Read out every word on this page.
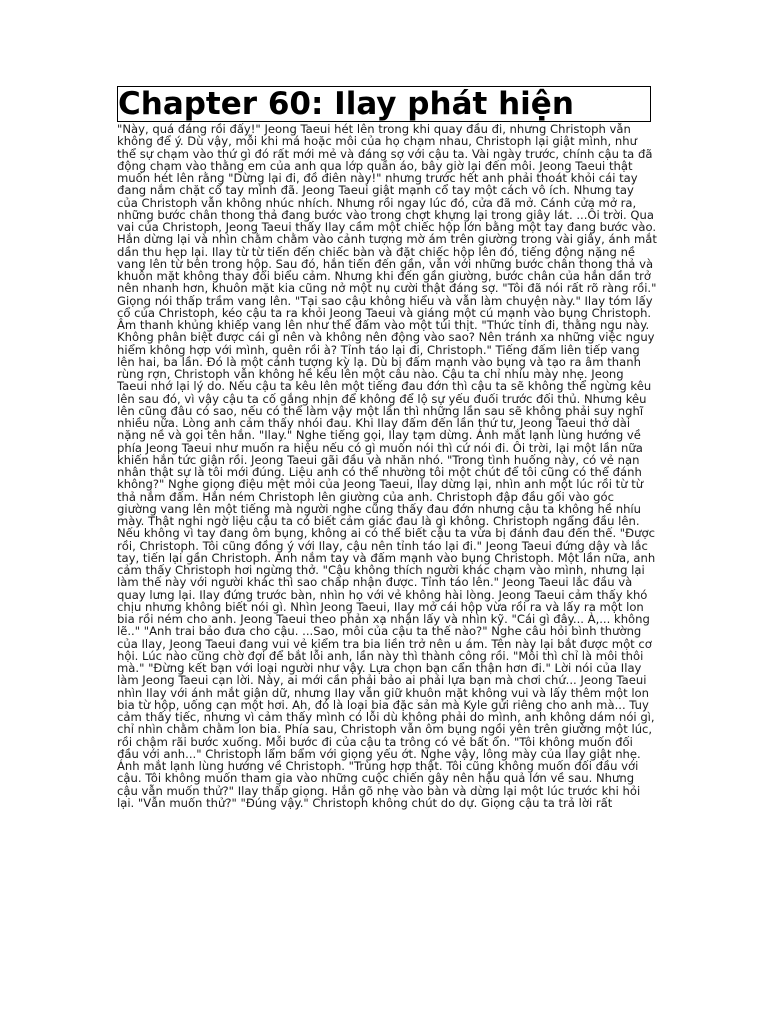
Chapter 60: Ilay phát hiện

"Này, quá đáng rồi đấy!" Jeong Taeui hét lên trong khi quay đầu đi, nhưng Christoph vẫn không để ý. Dù vậy, mỗi khi má hoặc môi của họ chạm nhau, Christoph lại giật mình, như thể sự chạm vào thứ gì đó rất mới mẻ và đáng sợ với cậu ta. Vài ngày trước, chính cậu ta đã động chạm vào thằng em của anh qua lớp quần áo, bây giờ lại đến môi. Jeong Taeui thật muốn hét lên rằng "Dừng lại đi, đồ điên này!" nhưng trước hết anh phải thoát khỏi cái tay đang nắm chặt cổ tay mình đã. Jeong Taeui giật mạnh cổ tay một cách vô ích. Nhưng tay của Christoph vẫn không nhúc nhích. Nhưng rồi ngay lúc đó, cửa đã mở. Cánh cửa mở ra, những bước chân thong thả đang bước vào trong chợt khựng lại trong giây lát. ...Ôi trời. Qua vai của Christoph, Jeong Taeui thấy Ilay cầm một chiếc hộp lớn bằng một tay đang bước vào. Hắn dừng lại và nhìn chằm chằm vào cảnh tượng mờ ám trên giường trong vài giây, ánh mắt dần thu hẹp lại. Ilay từ từ tiến đến chiếc bàn và đặt chiếc hộp lên đó, tiếng động nặng nề vang lên từ bên trong hộp. Sau đó, hắn tiến đến gần, vẫn với những bước chân thong thả và khuôn mặt không thay đổi biểu cảm. Nhưng khi đến gần giường, bước chân của hắn dần trở nên nhanh hơn, khuôn mặt kia cũng nở một nụ cười thật đáng sợ. "Tôi đã nói rất rõ ràng rồi." Giọng nói thấp trầm vang lên. "Tại sao cậu không hiểu và vẫn làm chuyện này." Ilay tóm lấy cổ của Christoph, kéo cậu ta ra khỏi Jeong Taeui và giáng một cú mạnh vào bụng Christoph. Âm thanh khủng khiếp vang lên như thể đấm vào một túi thịt. "Thức tỉnh đi, thằng ngu này. Không phân biệt được cái gì nên và không nên động vào sao? Nên tránh xa những việc nguy hiểm không hợp với mình, quên rồi à? Tỉnh táo lại đi, Christoph." Tiếng đấm liên tiếp vang lên hai, ba lần. Đó là một cảnh tượng kỳ lạ. Dù bị đấm mạnh vào bụng và tạo ra âm thanh rùng rợn, Christoph vẫn không hề kêu lên một câu nào. Cậu ta chỉ nhíu mày nhẹ. Jeong Taeui nhớ lại lý do. Nếu cậu ta kêu lên một tiếng đau đớn thì cậu ta sẽ không thể ngừng kêu lên sau đó, vì vậy cậu ta cố gắng nhịn để không để lộ sự yếu đuối trước đối thủ. Nhưng kêu lên cũng đâu có sao, nếu có thể làm vậy một lần thì những lần sau sẽ không phải suy nghĩ nhiều nữa. Lòng anh cảm thấy nhói đau. Khi Ilay đấm đến lần thứ tư, Jeong Taeui thở dài nặng nề và gọi tên hắn. "Ilay." Nghe tiếng gọi, Ilay tạm dừng. Ánh mắt lạnh lùng hướng về phía Jeong Taeui như muốn ra hiệu nếu có gì muốn nói thì cứ nói đi. Ôi trời, lại một lần nữa khiến hắn tức giận rồi. Jeong Taeui gãi đầu và nhăn nhó. "Trong tình huống này, có vẻ nạn nhân thật sự là tôi mới đúng. Liệu anh có thể nhường tôi một chút để tôi cũng có thể đánh không?" Nghe giọng điệu mệt mỏi của Jeong Taeui, Ilay dừng lại, nhìn anh một lúc rồi từ từ thả nắm đấm. Hắn ném Christoph lên giường của anh. Christoph đập đầu gối vào góc giường vang lên một tiếng mà người nghe cũng thấy đau đớn nhưng cậu ta không hề nhíu mày. Thật nghi ngờ liệu cậu ta có biết cảm giác đau là gì không. Christoph ngẩng đầu lên. Nếu không vì tay đang ôm bụng, không ai có thể biết cậu ta vừa bị đánh đau đến thế. "Được rồi, Christoph. Tôi cũng đồng ý với Ilay, cậu nên tỉnh táo lại đi." Jeong Taeui đứng dậy và lắc tay, tiến lại gần Christoph. Anh nắm tay và đấm mạnh vào bụng Christoph. Một lần nữa, anh cảm thấy Christoph hơi ngừng thở. "Cậu không thích người khác chạm vào mình, nhưng lại làm thế này với người khác thì sao chấp nhận được. Tỉnh táo lên." Jeong Taeui lắc đầu và quay lưng lại. Ilay đứng trước bàn, nhìn họ với vẻ không hài lòng. Jeong Taeui cảm thấy khó chịu nhưng không biết nói gì. Nhìn Jeong Taeui, Ilay mở cái hộp vừa rồi ra và lấy ra một lon bia rồi ném cho anh. Jeong Taeui theo phản xạ nhận lấy và nhìn kỹ. "Cái gì đây... À,... không lẽ.." "Anh trai bảo đưa cho cậu. ...Sao, môi của cậu ta thế nào?" Nghe câu hỏi bình thường của Ilay, Jeong Taeui đang vui vẻ kiểm tra bia liền trở nên u ám. Tên này lại bắt được một cơ hội. Lúc nào cũng chờ đợi để bắt lỗi anh, lần này thì thành công rồi. "Môi thì chỉ là môi thôi mà." "Đừng kết bạn với loại người như vậy. Lựa chọn bạn cẩn thận hơn đi." Lời nói của Ilay làm Jeong Taeui cạn lời. Này, ai mới cần phải bảo ai phải lựa bạn mà chơi chứ... Jeong Taeui nhìn Ilay với ánh mắt giận dữ, nhưng Ilay vẫn giữ khuôn mặt không vui và lấy thêm một lon bia từ hộp, uống cạn một hơi. Ah, đó là loại bia đặc sản mà Kyle gửi riêng cho anh mà... Tuy cảm thấy tiếc, nhưng vì cảm thấy mình có lỗi dù không phải do mình, anh không dám nói gì, chỉ nhìn chằm chằm lon bia. Phía sau, Christoph vẫn ôm bụng ngồi yên trên giường một lúc, rồi chậm rãi bước xuống. Mỗi bước đi của cậu ta trông có vẻ bất ổn. "Tôi không muốn đối đầu với anh..." Christoph lẩm bẩm với giọng yếu ớt. Nghe vậy, lông mày của Ilay giật nhẹ. Ánh mắt lạnh lùng hướng về Christoph. "Trùng hợp thật. Tôi cũng không muốn đối đầu với cậu. Tôi không muốn tham gia vào những cuộc chiến gây nên hậu quả lớn về sau. Nhưng cậu vẫn muốn thử?" Ilay thấp giọng. Hắn gõ nhẹ vào bàn và dừng lại một lúc trước khi hỏi lại. "Vẫn muốn thử?" "Đúng vậy." Christoph không chút do dự. Giọng cậu ta trả lời rất
